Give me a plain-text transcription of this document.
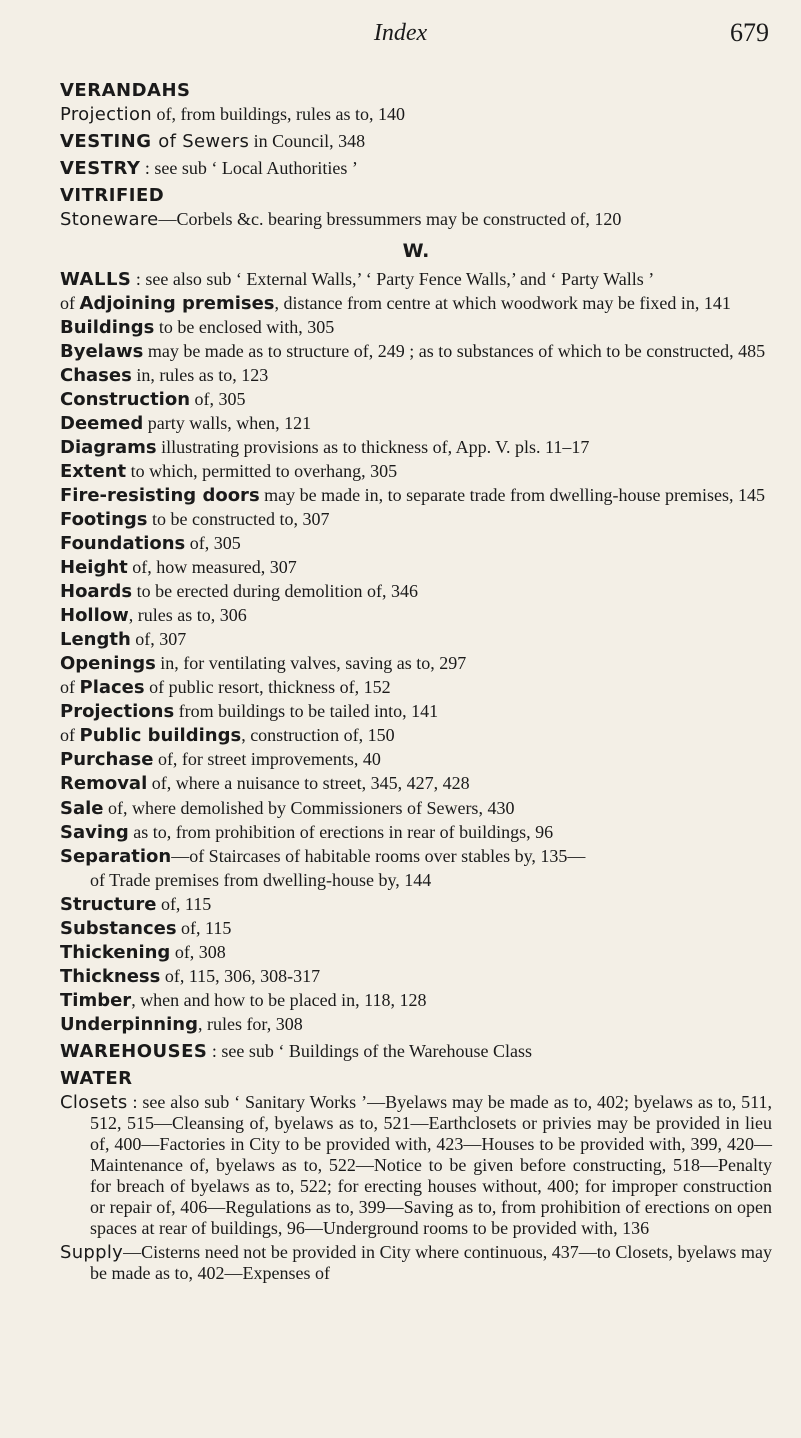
Index	679
VERANDAHS
Projection of, from buildings, rules as to, 140
VESTING of Sewers in Council, 348
VESTRY : see sub ‘ Local Authorities ’
VITRIFIED
Stoneware—Corbels &c. bearing bressummers may be constructed of, 120
W.
WALLS : see also sub ‘ External Walls,’ ‘ Party Fence Walls,’ and ‘ Party Walls ’
of Adjoining premises, distance from centre at which woodwork may be fixed in, 141
Buildings to be enclosed with, 305
Byelaws may be made as to structure of, 249 ; as to substances of which to be constructed, 485
Chases in, rules as to, 123
Construction of, 305
Deemed party walls, when, 121
Diagrams illustrating provisions as to thickness of, App. V. pls. 11–17
Extent to which, permitted to overhang, 305
Fire-resisting doors may be made in, to separate trade from dwelling-house premises, 145
Footings to be constructed to, 307
Foundations of, 305
Height of, how measured, 307
Hoards to be erected during demolition of, 346
Hollow, rules as to, 306
Length of, 307
Openings in, for ventilating valves, saving as to, 297
of Places of public resort, thickness of, 152
Projections from buildings to be tailed into, 141
of Public buildings, construction of, 150
Purchase of, for street improvements, 40
Removal of, where a nuisance to street, 345, 427, 428
Sale of, where demolished by Commissioners of Sewers, 430
Saving as to, from prohibition of erections in rear of buildings, 96
Separation—of Staircases of habitable rooms over stables by, 135—
of Trade premises from dwelling-house by, 144
Structure of, 115
Substances of, 115
Thickening of, 308
Thickness of, 115, 306, 308-317
Timber, when and how to be placed in, 118, 128
Underpinning, rules for, 308
WAREHOUSES : see sub ‘ Buildings of the Warehouse Class
WATER
Closets : see also sub ‘ Sanitary Works ’—Byelaws may be made as to, 402; byelaws as to, 511, 512, 515—Cleansing of, byelaws as to, 521—Earthclosets or privies may be provided in lieu of, 400—Factories in City to be provided with, 423—Houses to be provided with, 399, 420—Maintenance of, byelaws as to, 522—Notice to be given before constructing, 518—Penalty for breach of byelaws as to, 522; for erecting houses without, 400; for improper construction or repair of, 406—Regulations as to, 399—Saving as to, from prohibition of erections on open spaces at rear of buildings, 96—Underground rooms to be provided with, 136
Supply—Cisterns need not be provided in City where continuous, 437—to Closets, byelaws may be made as to, 402—Expenses of
